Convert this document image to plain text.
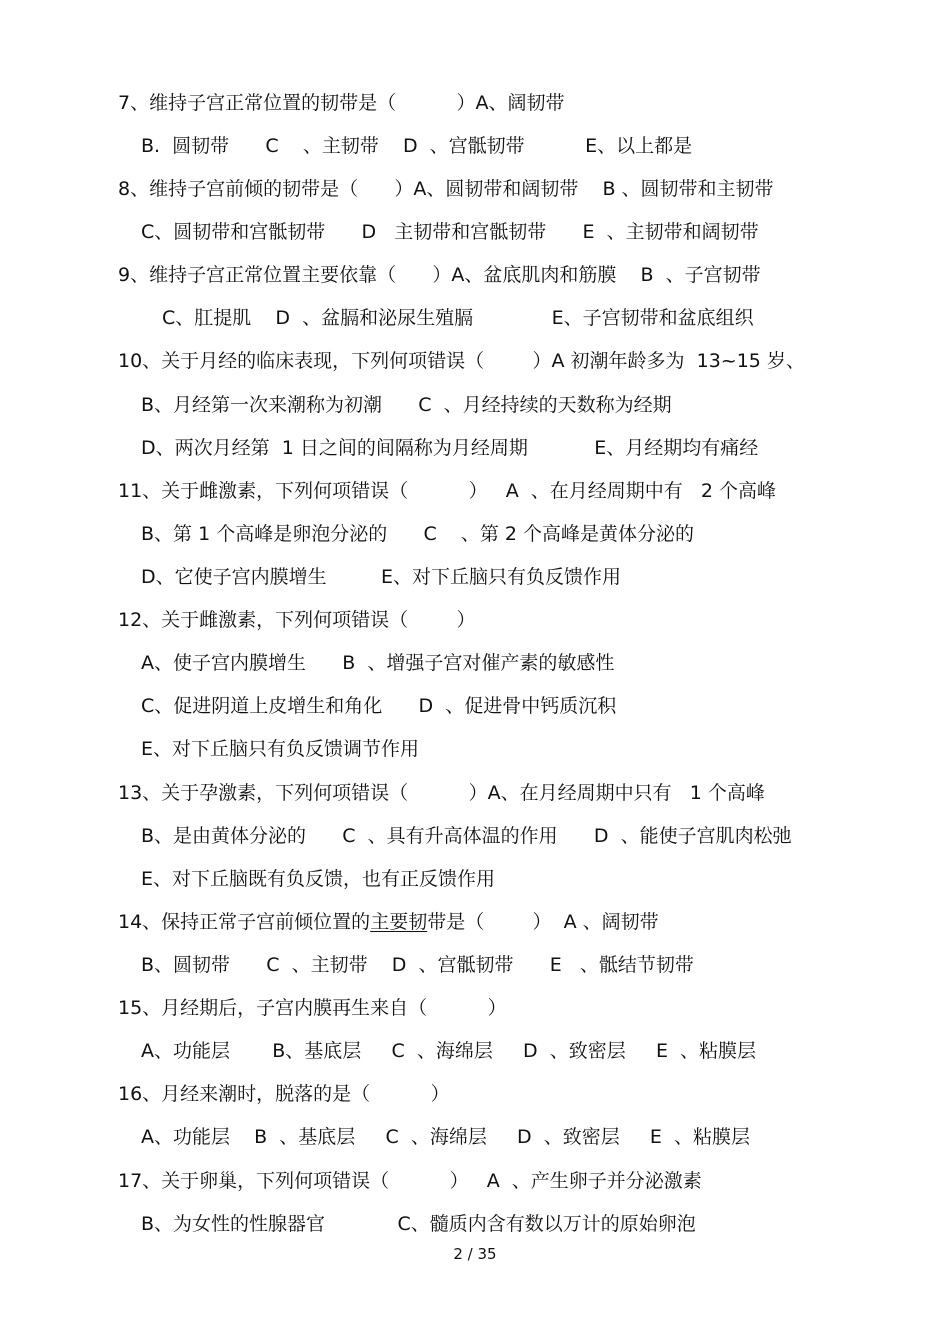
7、维持子宫正常位置的韧带是（          ）A、阔韧带
B.  圆韧带      C    、主韧带    D  、宫骶韧带          E、以上都是
8、维持子宫前倾的韧带是（      ）A、圆韧带和阔韧带    B 、圆韧带和主韧带
C、圆韧带和宫骶韧带      D   主韧带和宫骶韧带      E  、主韧带和阔韧带
9、维持子宫正常位置主要依靠（      ）A、盆底肌肉和筋膜    B  、子宫韧带
C、肛提肌    D  、盆膈和泌尿生殖膈             E、子宫韧带和盆底组织
10、关于月经的临床表现，下列何项错误（        ）A 初潮年龄多为  13~15 岁、
B、月经第一次来潮称为初潮      C  、月经持续的天数称为经期
D、两次月经第  1 日之间的间隔称为月经周期           E、月经期均有痛经
11、关于雌激素，下列何项错误（          ）   A  、在月经周期中有   2 个高峰
B、第 1 个高峰是卵泡分泌的      C    、第 2 个高峰是黄体分泌的
D、它使子宫内膜增生         E、对下丘脑只有负反馈作用
12、关于雌激素，下列何项错误（        ）
A、使子宫内膜增生      B  、增强子宫对催产素的敏感性
C、促进阴道上皮增生和角化      D  、促进骨中钙质沉积
E、对下丘脑只有负反馈调节作用
13、关于孕激素，下列何项错误（          ）A、在月经周期中只有   1 个高峰
B、是由黄体分泌的      C  、具有升高体温的作用      D  、能使子宫肌肉松弛
E、对下丘脑既有负反馈，也有正反馈作用
14、保持正常子宫前倾位置的主要韧带是（        ）  A 、阔韧带
B、圆韧带      C  、主韧带    D  、宫骶韧带      E   、骶结节韧带
15、月经期后，子宫内膜再生来自（          ）
A、功能层       B、基底层     C  、海绵层     D  、致密层     E  、粘膜层
16、月经来潮时，脱落的是（          ）
A、功能层    B  、基底层     C  、海绵层     D  、致密层     E  、粘膜层
17、关于卵巢，下列何项错误（          ）   A  、产生卵子并分泌激素
B、为女性的性腺器官            C、髓质内含有数以万计的原始卵泡
2 / 35
